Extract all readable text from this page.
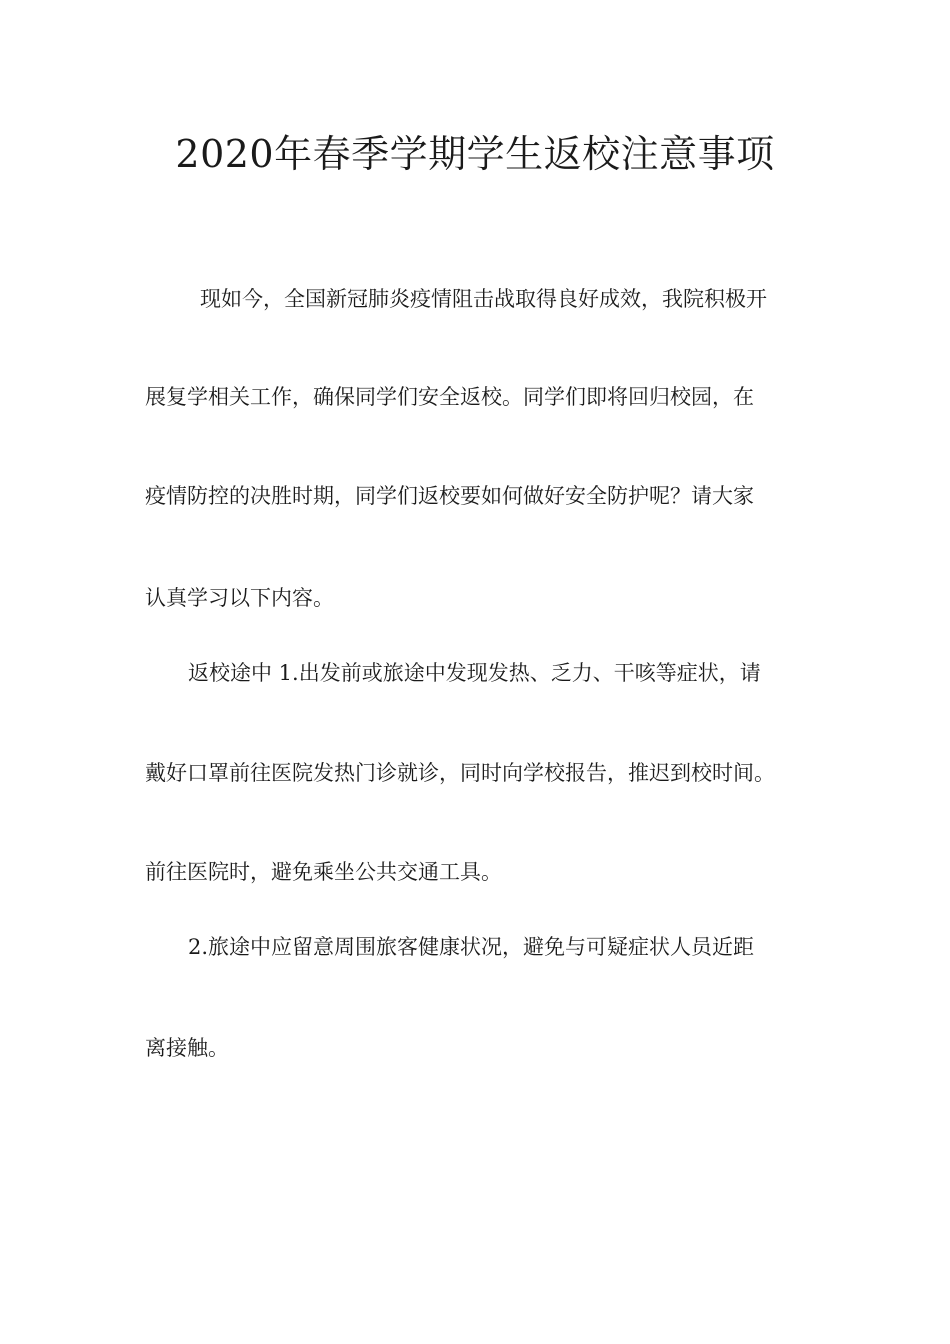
2020年春季学期学生返校注意事项
现如今，全国新冠肺炎疫情阻击战取得良好成效，我院积极开
展复学相关工作，确保同学们安全返校。同学们即将回归校园，在
疫情防控的决胜时期，同学们返校要如何做好安全防护呢？请大家
认真学习以下内容。
返校途中 1.出发前或旅途中发现发热、乏力、干咳等症状，请
戴好口罩前往医院发热门诊就诊，同时向学校报告，推迟到校时间。
前往医院时，避免乘坐公共交通工具。
2.旅途中应留意周围旅客健康状况，避免与可疑症状人员近距
离接触。
